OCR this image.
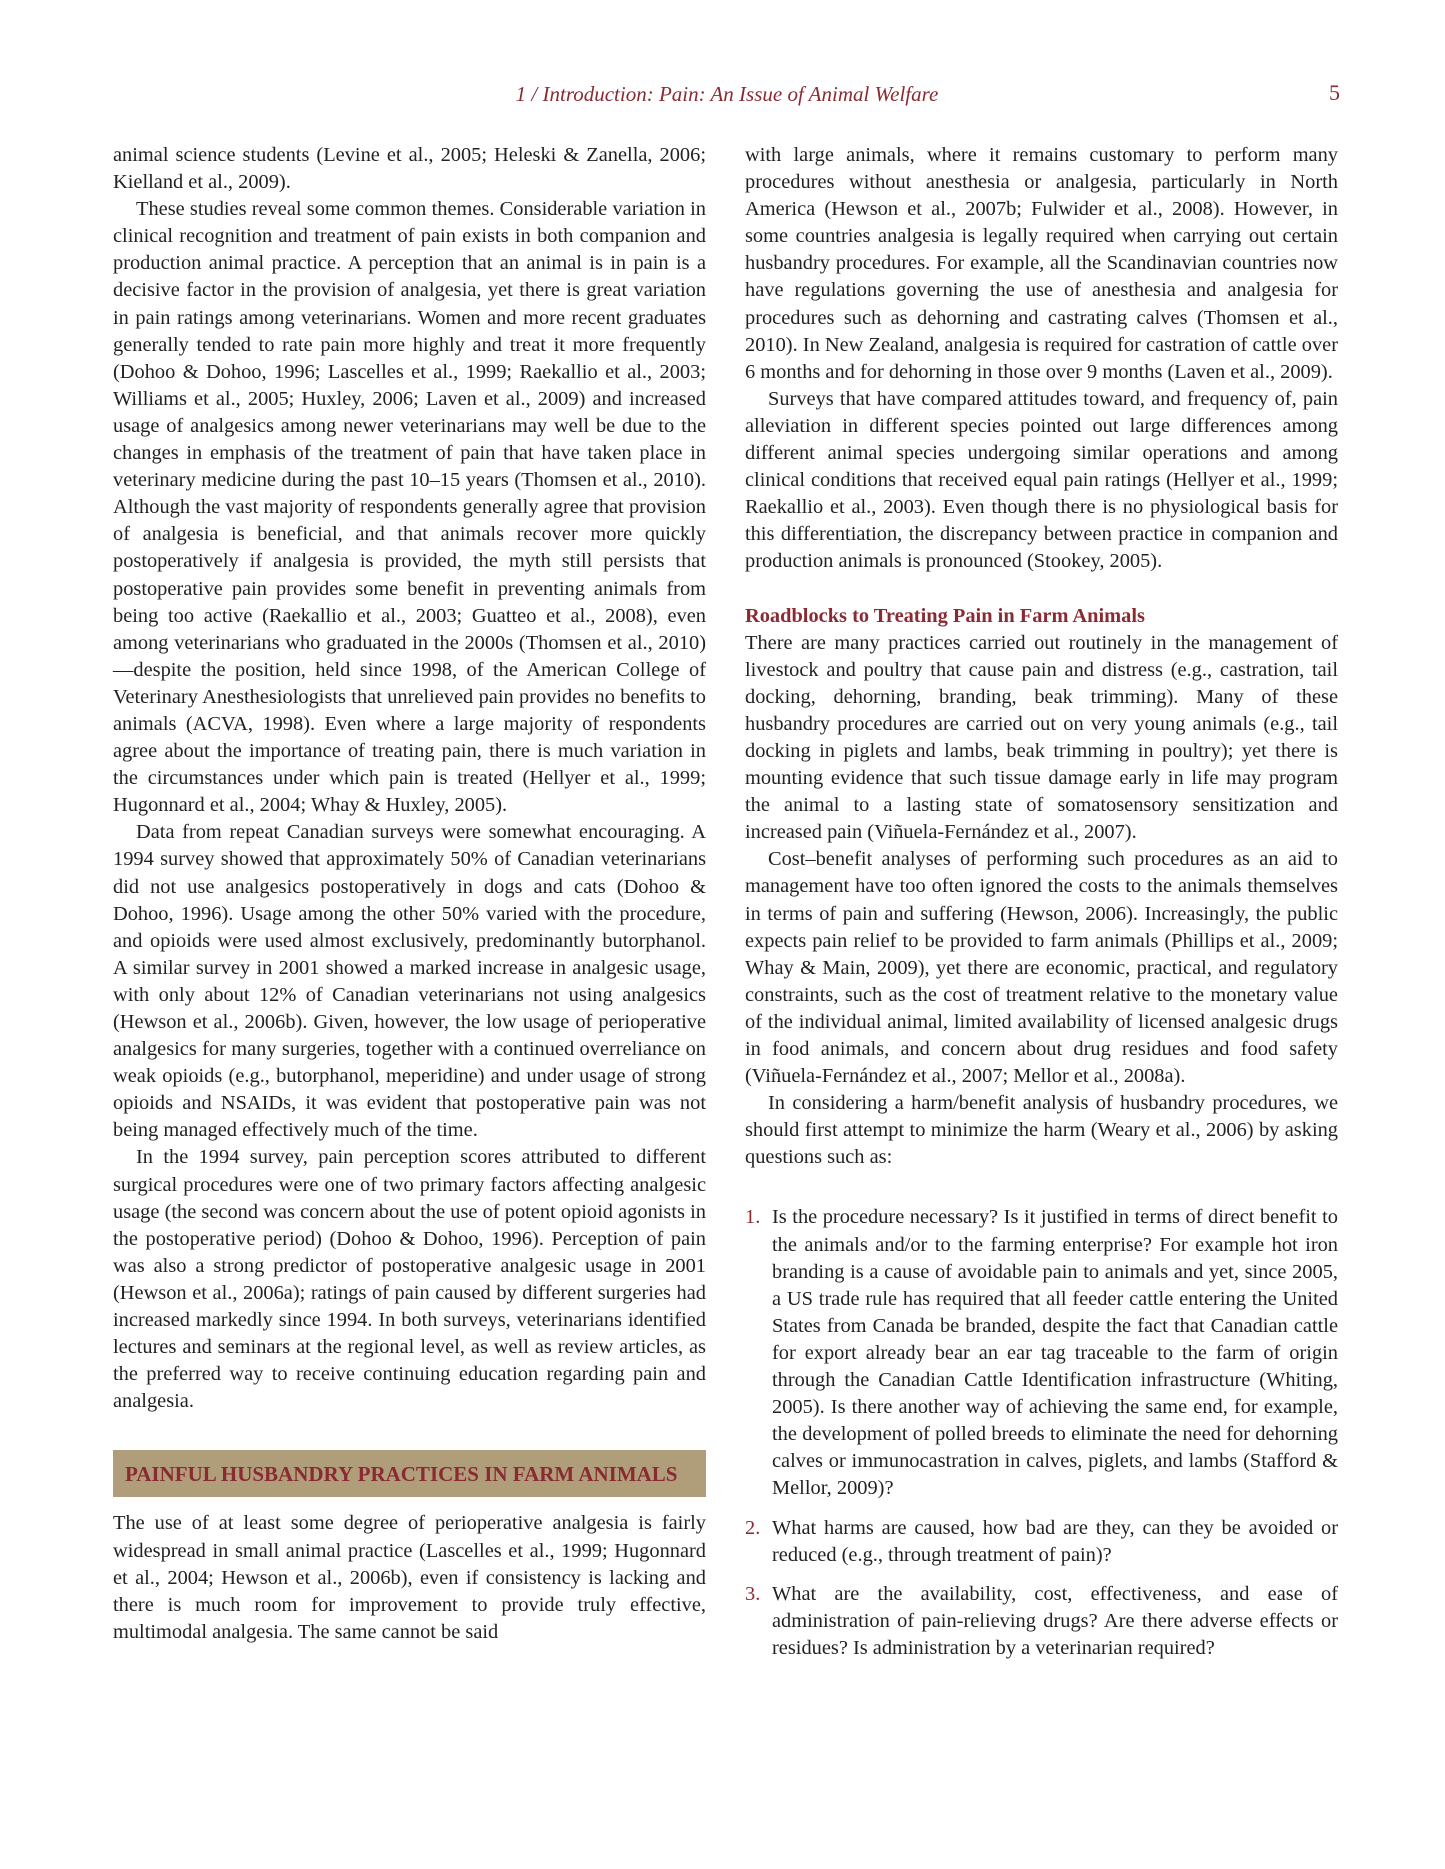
1 / Introduction: Pain: An Issue of Animal Welfare	5

animal science students (Levine et al., 2005; Heleski & Zanella, 2006; Kielland et al., 2009).

These studies reveal some common themes. Considerable variation in clinical recognition and treatment of pain exists in both companion and production animal practice. A perception that an animal is in pain is a decisive factor in the provision of analgesia, yet there is great variation in pain ratings among veterinarians. Women and more recent graduates generally tended to rate pain more highly and treat it more frequently (Dohoo & Dohoo, 1996; Lascelles et al., 1999; Raekallio et al., 2003; Williams et al., 2005; Huxley, 2006; Laven et al., 2009) and increased usage of analgesics among newer veterinarians may well be due to the changes in emphasis of the treatment of pain that have taken place in veterinary medicine during the past 10–15 years (Thomsen et al., 2010). Although the vast majority of respondents generally agree that provision of analgesia is beneficial, and that animals recover more quickly postoperatively if analgesia is provided, the myth still persists that postoperative pain provides some benefit in preventing animals from being too active (Raekallio et al., 2003; Guatteo et al., 2008), even among veterinarians who graduated in the 2000s (Thomsen et al., 2010)—despite the position, held since 1998, of the American College of Veterinary Anesthesiologists that unrelieved pain provides no benefits to animals (ACVA, 1998). Even where a large majority of respondents agree about the importance of treating pain, there is much variation in the circumstances under which pain is treated (Hellyer et al., 1999; Hugonnard et al., 2004; Whay & Huxley, 2005).

Data from repeat Canadian surveys were somewhat encouraging. A 1994 survey showed that approximately 50% of Canadian veterinarians did not use analgesics postoperatively in dogs and cats (Dohoo & Dohoo, 1996). Usage among the other 50% varied with the procedure, and opioids were used almost exclusively, predominantly butorphanol. A similar survey in 2001 showed a marked increase in analgesic usage, with only about 12% of Canadian veterinarians not using analgesics (Hewson et al., 2006b). Given, however, the low usage of perioperative analgesics for many surgeries, together with a continued overreliance on weak opioids (e.g., butorphanol, meperidine) and under usage of strong opioids and NSAIDs, it was evident that postoperative pain was not being managed effectively much of the time.

In the 1994 survey, pain perception scores attributed to different surgical procedures were one of two primary factors affecting analgesic usage (the second was concern about the use of potent opioid agonists in the postoperative period) (Dohoo & Dohoo, 1996). Perception of pain was also a strong predictor of postoperative analgesic usage in 2001 (Hewson et al., 2006a); ratings of pain caused by different surgeries had increased markedly since 1994. In both surveys, veterinarians identified lectures and seminars at the regional level, as well as review articles, as the preferred way to receive continuing education regarding pain and analgesia.

PAINFUL HUSBANDRY PRACTICES IN FARM ANIMALS

The use of at least some degree of perioperative analgesia is fairly widespread in small animal practice (Lascelles et al., 1999; Hugonnard et al., 2004; Hewson et al., 2006b), even if consistency is lacking and there is much room for improvement to provide truly effective, multimodal analgesia. The same cannot be said

with large animals, where it remains customary to perform many procedures without anesthesia or analgesia, particularly in North America (Hewson et al., 2007b; Fulwider et al., 2008). However, in some countries analgesia is legally required when carrying out certain husbandry procedures. For example, all the Scandinavian countries now have regulations governing the use of anesthesia and analgesia for procedures such as dehorning and castrating calves (Thomsen et al., 2010). In New Zealand, analgesia is required for castration of cattle over 6 months and for dehorning in those over 9 months (Laven et al., 2009).

Surveys that have compared attitudes toward, and frequency of, pain alleviation in different species pointed out large differences among different animal species undergoing similar operations and among clinical conditions that received equal pain ratings (Hellyer et al., 1999; Raekallio et al., 2003). Even though there is no physiological basis for this differentiation, the discrepancy between practice in companion and production animals is pronounced (Stookey, 2005).

Roadblocks to Treating Pain in Farm Animals

There are many practices carried out routinely in the management of livestock and poultry that cause pain and distress (e.g., castration, tail docking, dehorning, branding, beak trimming). Many of these husbandry procedures are carried out on very young animals (e.g., tail docking in piglets and lambs, beak trimming in poultry); yet there is mounting evidence that such tissue damage early in life may program the animal to a lasting state of somatosensory sensitization and increased pain (Viñuela-Fernández et al., 2007).

Cost–benefit analyses of performing such procedures as an aid to management have too often ignored the costs to the animals themselves in terms of pain and suffering (Hewson, 2006). Increasingly, the public expects pain relief to be provided to farm animals (Phillips et al., 2009; Whay & Main, 2009), yet there are economic, practical, and regulatory constraints, such as the cost of treatment relative to the monetary value of the individual animal, limited availability of licensed analgesic drugs in food animals, and concern about drug residues and food safety (Viñuela-Fernández et al., 2007; Mellor et al., 2008a).

In considering a harm/benefit analysis of husbandry procedures, we should first attempt to minimize the harm (Weary et al., 2006) by asking questions such as:

1. Is the procedure necessary? Is it justified in terms of direct benefit to the animals and/or to the farming enterprise? For example hot iron branding is a cause of avoidable pain to animals and yet, since 2005, a US trade rule has required that all feeder cattle entering the United States from Canada be branded, despite the fact that Canadian cattle for export already bear an ear tag traceable to the farm of origin through the Canadian Cattle Identification infrastructure (Whiting, 2005). Is there another way of achieving the same end, for example, the development of polled breeds to eliminate the need for dehorning calves or immunocastration in calves, piglets, and lambs (Stafford & Mellor, 2009)?
2. What harms are caused, how bad are they, can they be avoided or reduced (e.g., through treatment of pain)?
3. What are the availability, cost, effectiveness, and ease of administration of pain-relieving drugs? Are there adverse effects or residues? Is administration by a veterinarian required?
